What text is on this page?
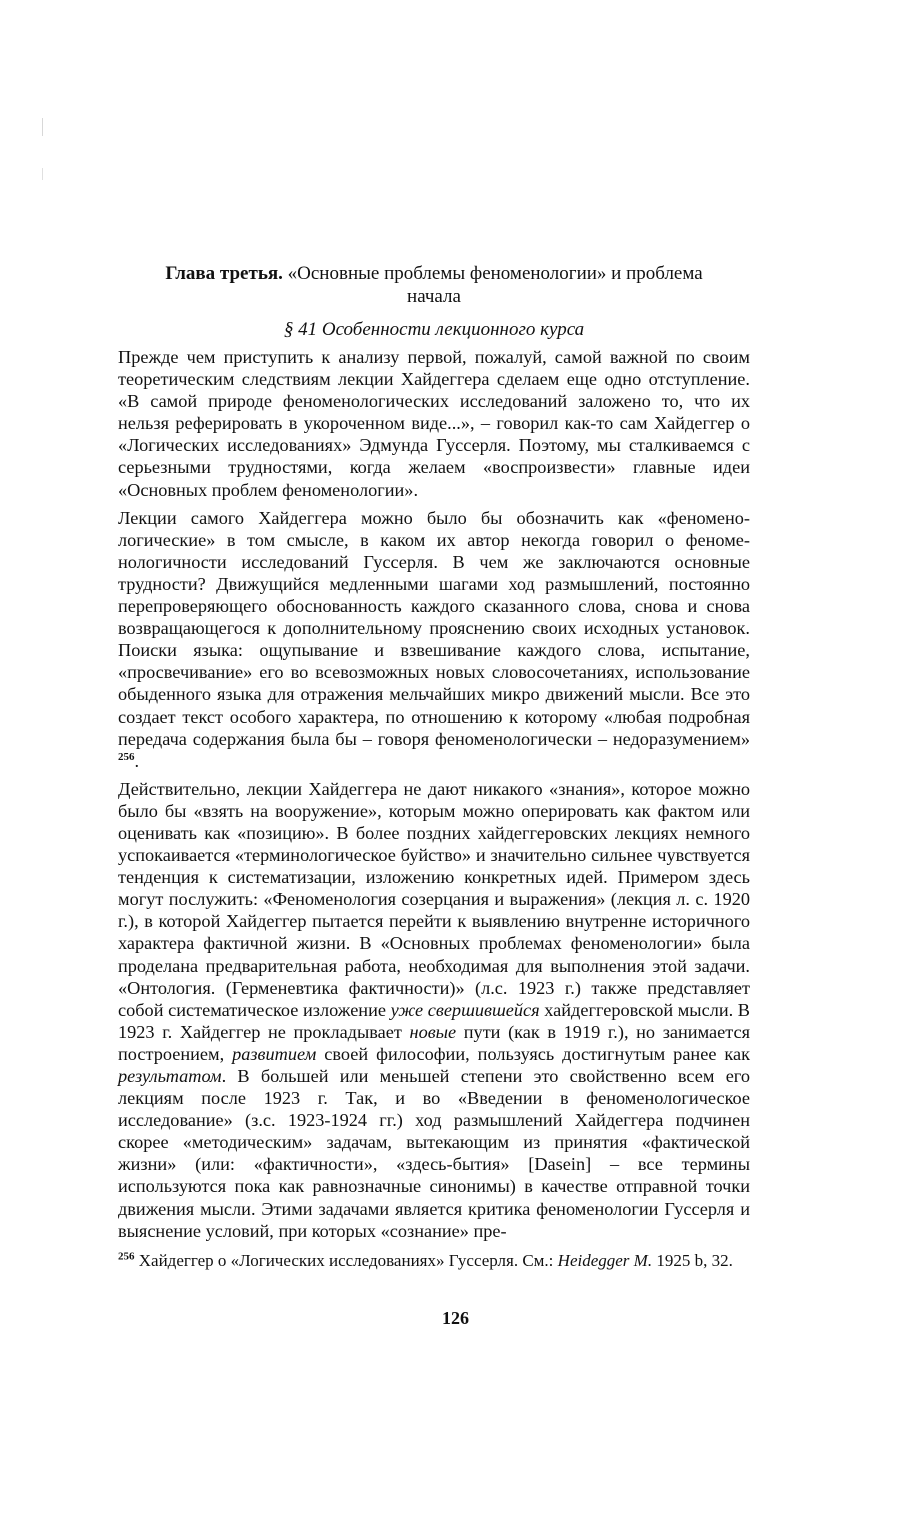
Глава третья. «Основные проблемы феноменологии» и проблема
начала

§ 41 Особенности лекционного курса

Прежде чем приступить к анализу первой, пожалуй, самой важной по своим теоретическим следствиям лекции Хайдеггера сделаем еще одно отступление. «В самой природе феноменологических исследований заложено то, что их нельзя реферировать в укороченном виде...», – говорил как-то сам Хайдеггер о «Логических исследованиях» Эдмунда Гуссерля. Поэтому, мы сталкиваемся с серьезными трудностями, когда желаем «воспроизвести» главные идеи «Основных проблем феноменологии».

Лекции самого Хайдеггера можно было бы обозначить как «феноменологические» в том смысле, в каком их автор некогда говорил о феноменологичности исследований Гуссерля. В чем же заключаются основные трудности? Движущийся медленными шагами ход размышлений, постоянно перепроверяющего обоснованность каждого сказанного слова, снова и снова возвращающегося к дополнительному прояснению своих исходных установок. Поиски языка: ощупывание и взвешивание каждого слова, испытание, «просвечивание» его во всевозможных новых словосочетаниях, использование обыденного языка для отражения мельчайших микро движений мысли. Все это создает текст особого характера, по отношению к которому «любая подробная передача содержания была бы – говоря феноменологически – недоразумением» $^{256}$.

Действительно, лекции Хайдеггера не дают никакого «знания», которое можно было бы «взять на вооружение», которым можно оперировать как фактом или оценивать как «позицию». В более поздних хайдеггеровских лекциях немного успокаивается «терминологическое буйство» и значительно сильнее чувствуется тенденция к систематизации, изложению конкретных идей. Примером здесь могут послужить: «Феноменология созерцания и выражения» (лекция л. с. 1920 г.), в которой Хайдеггер пытается перейти к выявлению внутренне историчного характера фактичной жизни. В «Основных проблемах феноменологии» была проделана предварительная работа, необходимая для выполнения этой задачи. «Онтология. (Герменевтика фактичности)» (л.с. 1923 г.) также представляет собой систематическое изложение уже свершившейся хайдеггеровской мысли. В 1923 г. Хайдеггер не прокладывает новые пути (как в 1919 г.), но занимается построением, развитием своей философии, пользуясь достигнутым ранее как результатом. В большей или меньшей степени это свойственно всем его лекциям после 1923 г. Так, и во «Введении в феноменологическое исследование» (з.с. 1923-1924 гг.) ход размышлений Хайдеггера подчинен скорее «методическим» задачам, вытекающим из принятия «фактической жизни» (или: «фактичности», «здесь-бытия» [Dasein] – все термины используются пока как равнозначные синонимы) в качестве отправной точки движения мысли. Этими задачами является критика феноменологии Гуссерля и выяснение условий, при которых «сознание» пре-

$^{256}$ Хайдеггер о «Логических исследованиях» Гуссерля. См.: Heidegger M. 1925 b, 32.
126
